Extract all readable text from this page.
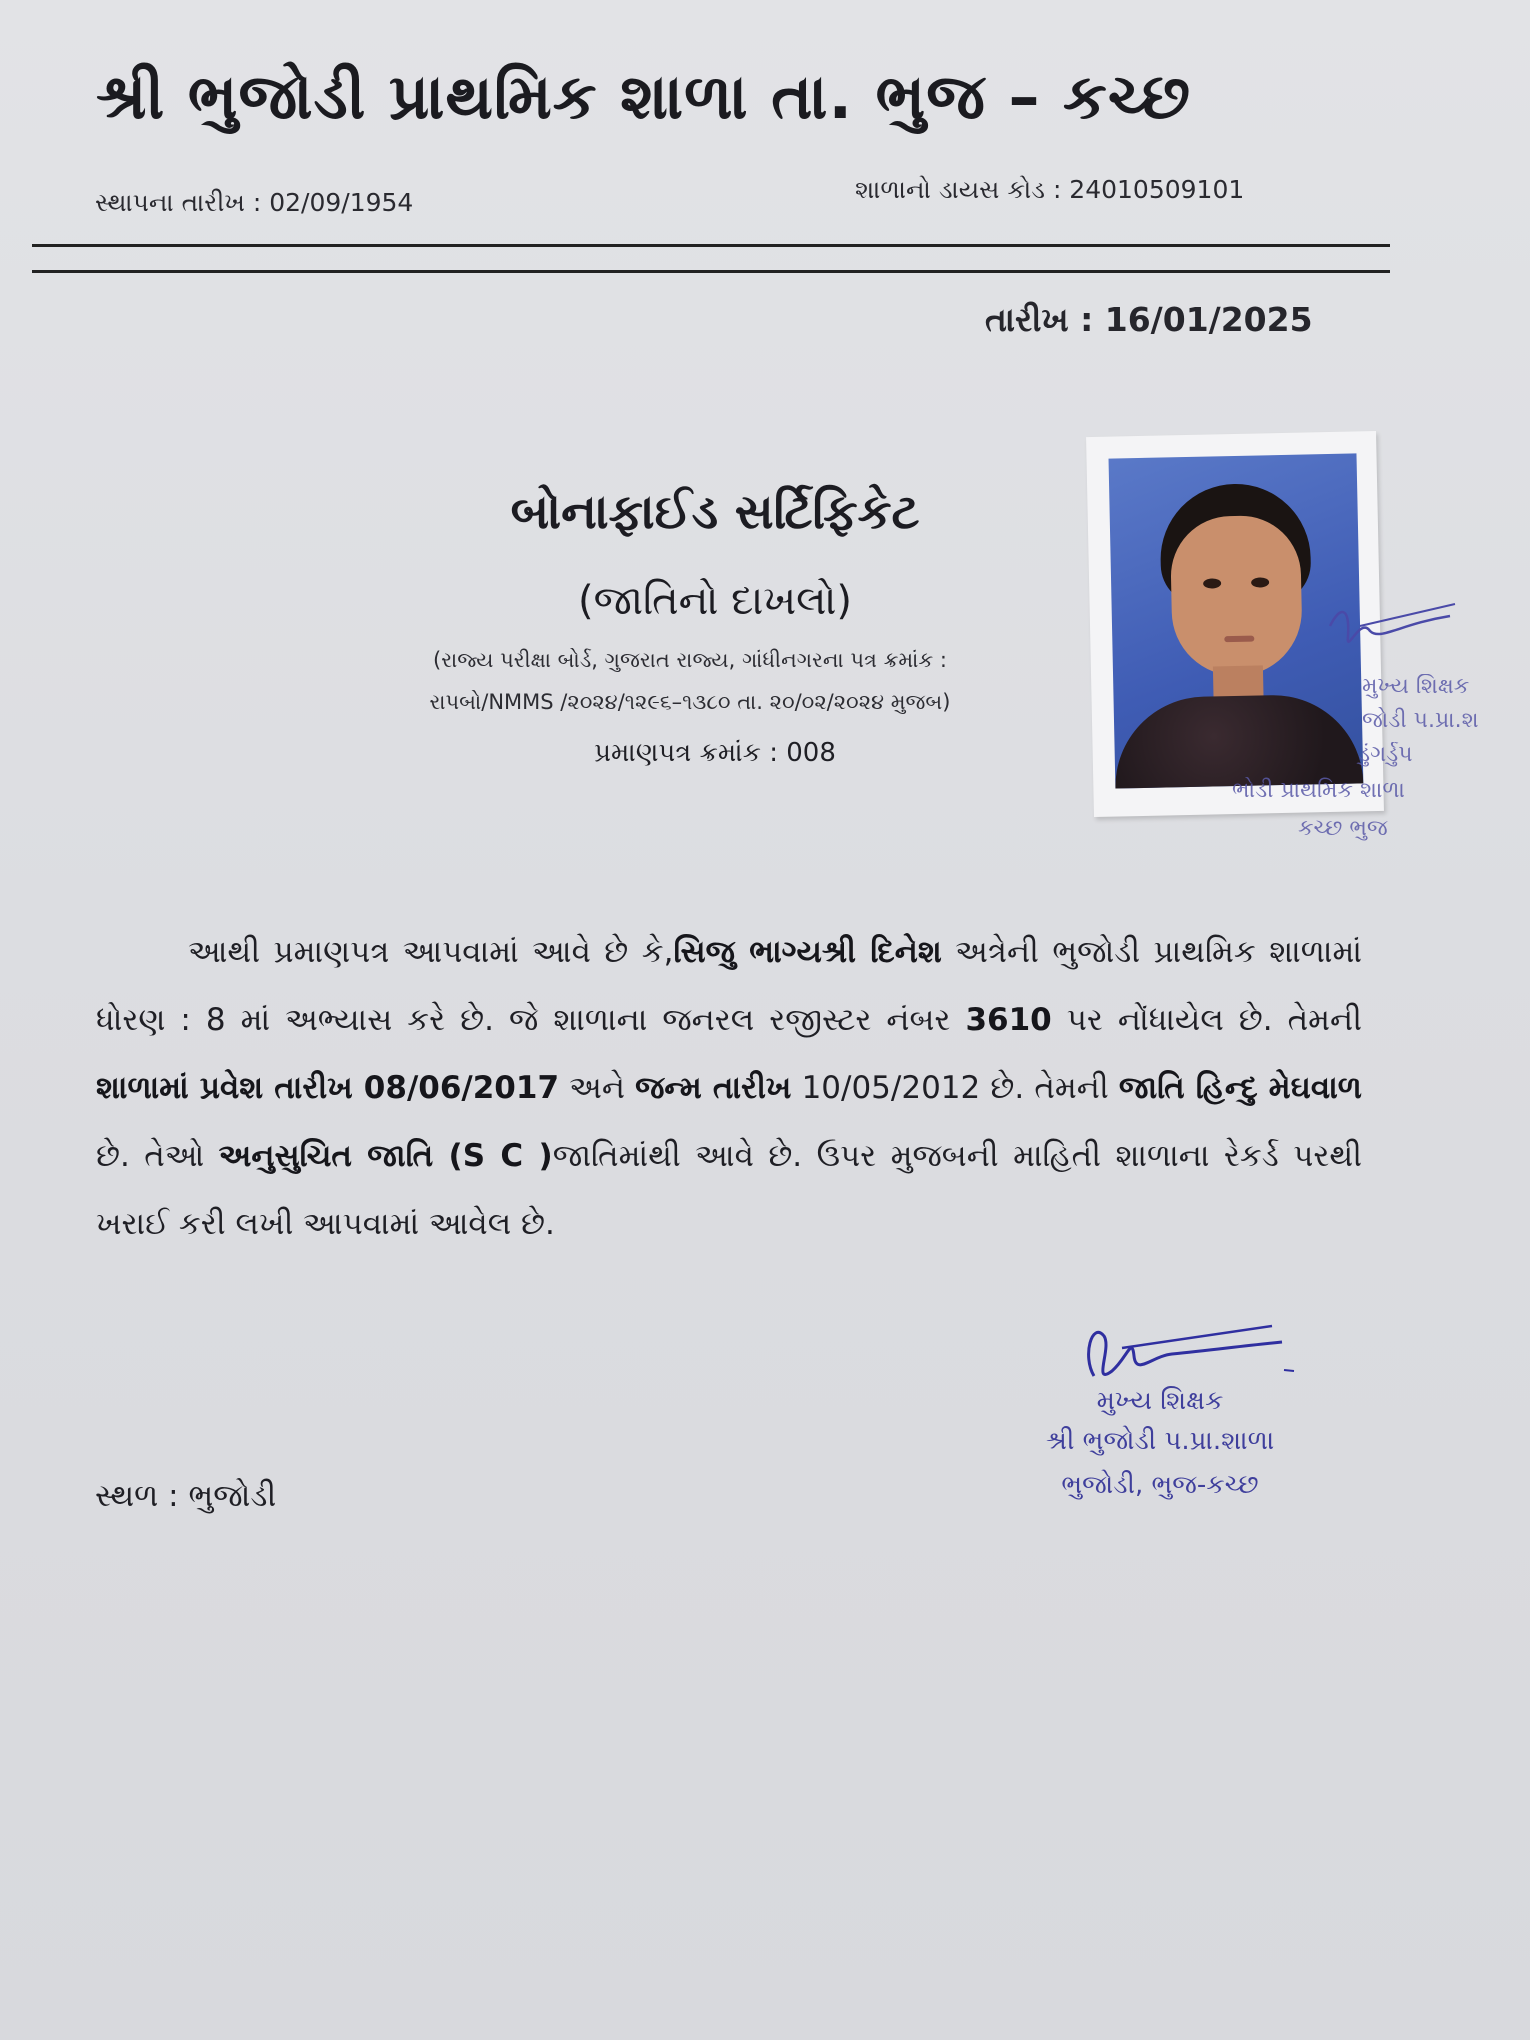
શ્રી ભુજોડી પ્રાથમિક શાળા તા. ભુજ – કચ્છ
સ્થાપના તારીખ : 02/09/1954	શાળાનો ડાયસ કોડ : 24010509101
તારીખ : 16/01/2025
બોનાફાઈડ સર્ટિફિકેટ
(જાતિનો દાખલો)
(રાજ્ય પરીક્ષા બોર્ડ, ગુજરાત રાજ્ય, ગાંધીનગરના પત્ર ક્રમાંક :
રાપબો/NMMS /૨૦૨૪/૧૨૯૬–૧૩૮૦ તા. ૨૦/૦૨/૨૦૨૪ મુજબ)
પ્રમાણપત્ર ક્રમાંક : 008
મુખ્ય શિક્ષક
જોડી પ.પ્રા.શ
ડુંગર્ડુપ
ભોડી પ્રાથમિક શાળા
કચ્છ ભુજ
આથી પ્રમાણપત્ર આપવામાં આવે છે કે,સિજુ ભાગ્યશ્રી દિનેશ અત્રેની ભુજોડી પ્રાથમિક શાળામાં ધોરણ : 8 માં અભ્યાસ કરે છે. જે શાળાના જનરલ રજીસ્ટર નંબર 3610 પર નોંધાયેલ છે. તેમની શાળામાં પ્રવેશ તારીખ 08/06/2017 અને જન્મ તારીખ 10/05/2012 છે. તેમની જાતિ હિન્દુ મેઘવાળ છે. તેઓ અનુસુચિત જાતિ (S C )જાતિમાંથી આવે છે. ઉપર મુજબની માહિતી શાળાના રેકર્ડ પરથી ખરાઈ કરી લખી આપવામાં આવેલ છે.
મુખ્ય શિક્ષક
શ્રી ભુજોડી પ.પ્રા.શાળા
ભુજોડી, ભુજ-કચ્છ
સ્થળ : ભુજોડી
